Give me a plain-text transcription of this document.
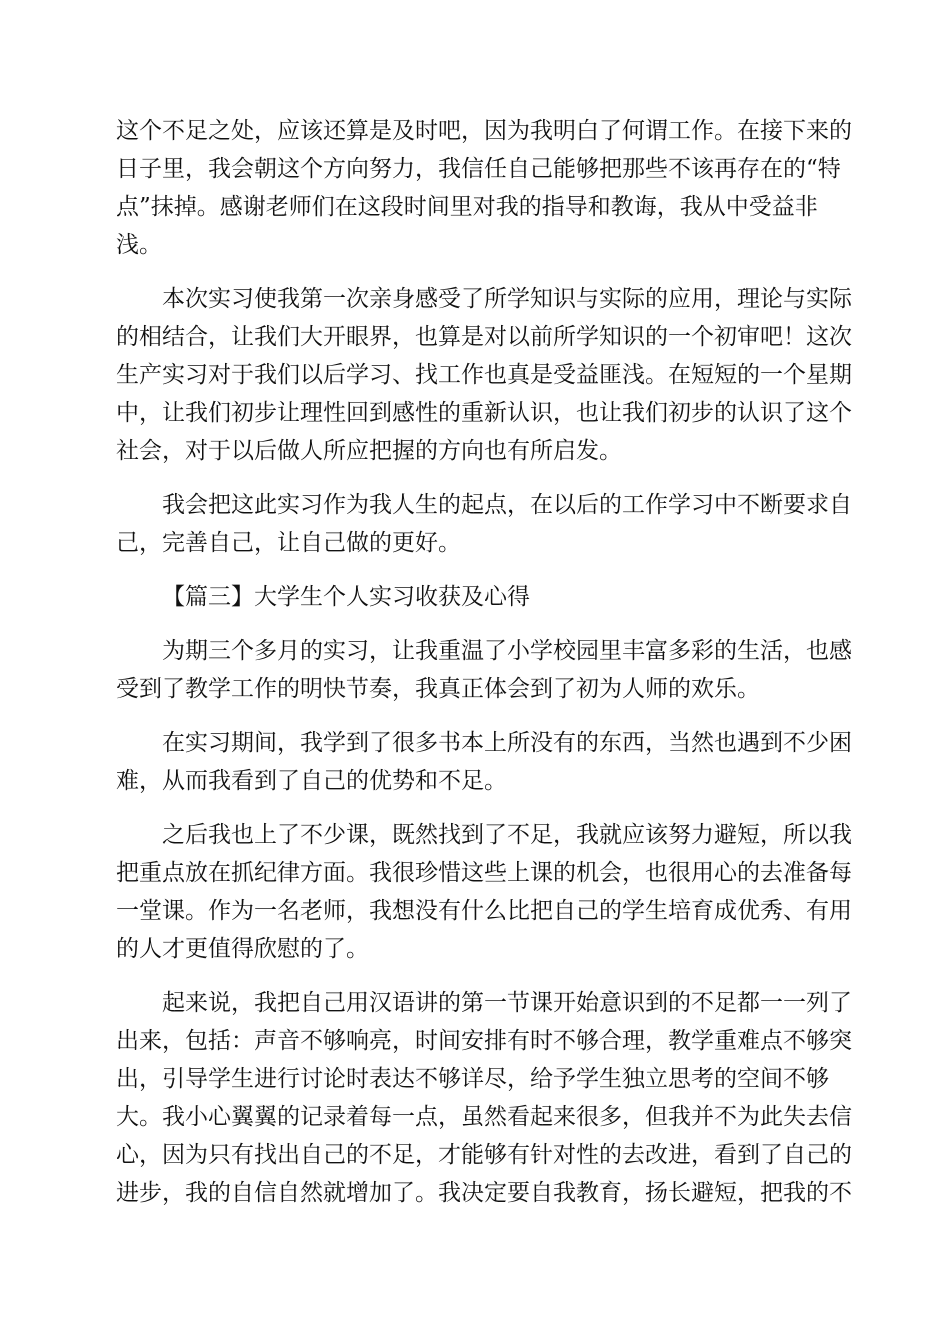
这个不足之处，应该还算是及时吧，因为我明白了何谓工作。在接下来的
日子里，我会朝这个方向努力，我信任自己能够把那些不该再存在的“特
点”抹掉。感谢老师们在这段时间里对我的指导和教诲，我从中受益非
浅。
本次实习使我第一次亲身感受了所学知识与实际的应用，理论与实际
的相结合，让我们大开眼界，也算是对以前所学知识的一个初审吧！这次
生产实习对于我们以后学习、找工作也真是受益匪浅。在短短的一个星期
中，让我们初步让理性回到感性的重新认识，也让我们初步的认识了这个
社会，对于以后做人所应把握的方向也有所启发。
我会把这此实习作为我人生的起点，在以后的工作学习中不断要求自
己，完善自己，让自己做的更好。
【篇三】大学生个人实习收获及心得
为期三个多月的实习，让我重温了小学校园里丰富多彩的生活，也感
受到了教学工作的明快节奏，我真正体会到了初为人师的欢乐。
在实习期间，我学到了很多书本上所没有的东西，当然也遇到不少困
难，从而我看到了自己的优势和不足。
之后我也上了不少课，既然找到了不足，我就应该努力避短，所以我
把重点放在抓纪律方面。我很珍惜这些上课的机会，也很用心的去准备每
一堂课。作为一名老师，我想没有什么比把自己的学生培育成优秀、有用
的人才更值得欣慰的了。
起来说，我把自己用汉语讲的第一节课开始意识到的不足都一一列了
出来，包括：声音不够响亮，时间安排有时不够合理，教学重难点不够突
出，引导学生进行讨论时表达不够详尽，给予学生独立思考的空间不够
大。我小心翼翼的记录着每一点，虽然看起来很多，但我并不为此失去信
心，因为只有找出自己的不足，才能够有针对性的去改进，看到了自己的
进步，我的自信自然就增加了。我决定要自我教育，扬长避短，把我的不
